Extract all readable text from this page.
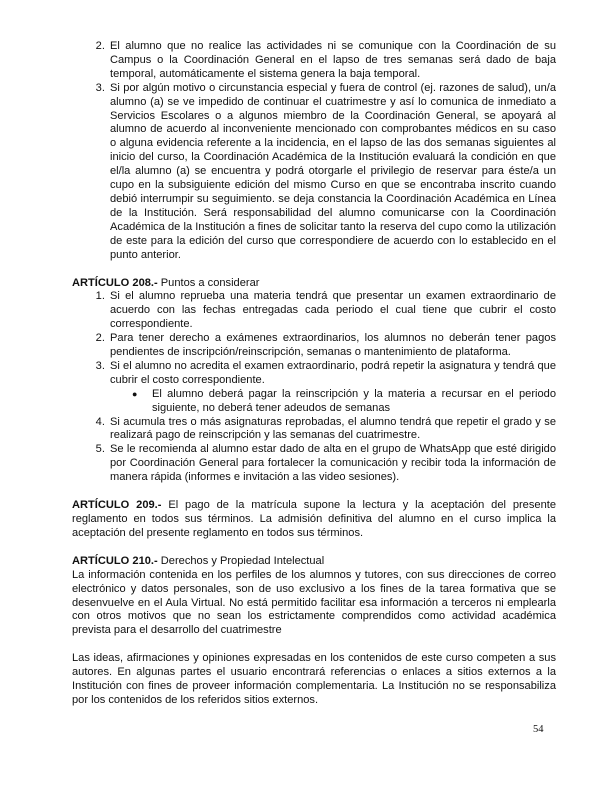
2. El alumno que no realice las actividades ni se comunique con la Coordinación de su Campus o la Coordinación General en el lapso de tres semanas será dado de baja temporal, automáticamente el sistema genera la baja temporal.
3. Si por algún motivo o circunstancia especial y fuera de control (ej. razones de salud), un/a alumno (a) se ve impedido de continuar el cuatrimestre y así lo comunica de inmediato a Servicios Escolares o a algunos miembro de la Coordinación General, se apoyará al alumno de acuerdo al inconveniente mencionado con comprobantes médicos en su caso o alguna evidencia referente a la incidencia, en el lapso de las dos semanas siguientes al inicio del curso, la Coordinación Académica de la Institución evaluará la condición en que el/la alumno (a) se encuentra y podrá otorgarle el privilegio de reservar para éste/a un cupo en la subsiguiente edición del mismo Curso en que se encontraba inscrito cuando debió interrumpir su seguimiento. se deja constancia la Coordinación Académica en Línea de la Institución. Será responsabilidad del alumno comunicarse con la Coordinación Académica de la Institución a fines de solicitar tanto la reserva del cupo como la utilización de este para la edición del curso que correspondiere de acuerdo con lo establecido en el punto anterior.
ARTÍCULO 208.- Puntos a considerar
1. Si el alumno reprueba una materia tendrá que presentar un examen extraordinario de acuerdo con las fechas entregadas cada periodo el cual tiene que cubrir el costo correspondiente.
2. Para tener derecho a exámenes extraordinarios, los alumnos no deberán tener pagos pendientes de inscripción/reinscripción, semanas o mantenimiento de plataforma.
3. Si el alumno no acredita el examen extraordinario, podrá repetir la asignatura y tendrá que cubrir el costo correspondiente.
● El alumno deberá pagar la reinscripción y la materia a recursar en el periodo siguiente, no deberá tener adeudos de semanas
4. Si acumula tres o más asignaturas reprobadas, el alumno tendrá que repetir el grado y se realizará pago de reinscripción y las semanas del cuatrimestre.
5. Se le recomienda al alumno estar dado de alta en el grupo de WhatsApp que esté dirigido por Coordinación General para fortalecer la comunicación y recibir toda la información de manera rápida (informes e invitación a las video sesiones).

ARTÍCULO 209.- El pago de la matrícula supone la lectura y la aceptación del presente reglamento en todos sus términos. La admisión definitiva del alumno en el curso implica la aceptación del presente reglamento en todos sus términos.

ARTÍCULO 210.- Derechos y Propiedad Intelectual

La información contenida en los perfiles de los alumnos y tutores, con sus direcciones de correo electrónico y datos personales, son de uso exclusivo a los fines de la tarea formativa que se desenvuelve en el Aula Virtual. No está permitido facilitar esa información a terceros ni emplearla con otros motivos que no sean los estrictamente comprendidos como actividad académica prevista para el desarrollo del cuatrimestre

Las ideas, afirmaciones y opiniones expresadas en los contenidos de este curso competen a sus autores. En algunas partes el usuario encontrará referencias o enlaces a sitios externos a la Institución con fines de proveer información complementaria. La Institución no se responsabiliza por los contenidos de los referidos sitios externos.

54
